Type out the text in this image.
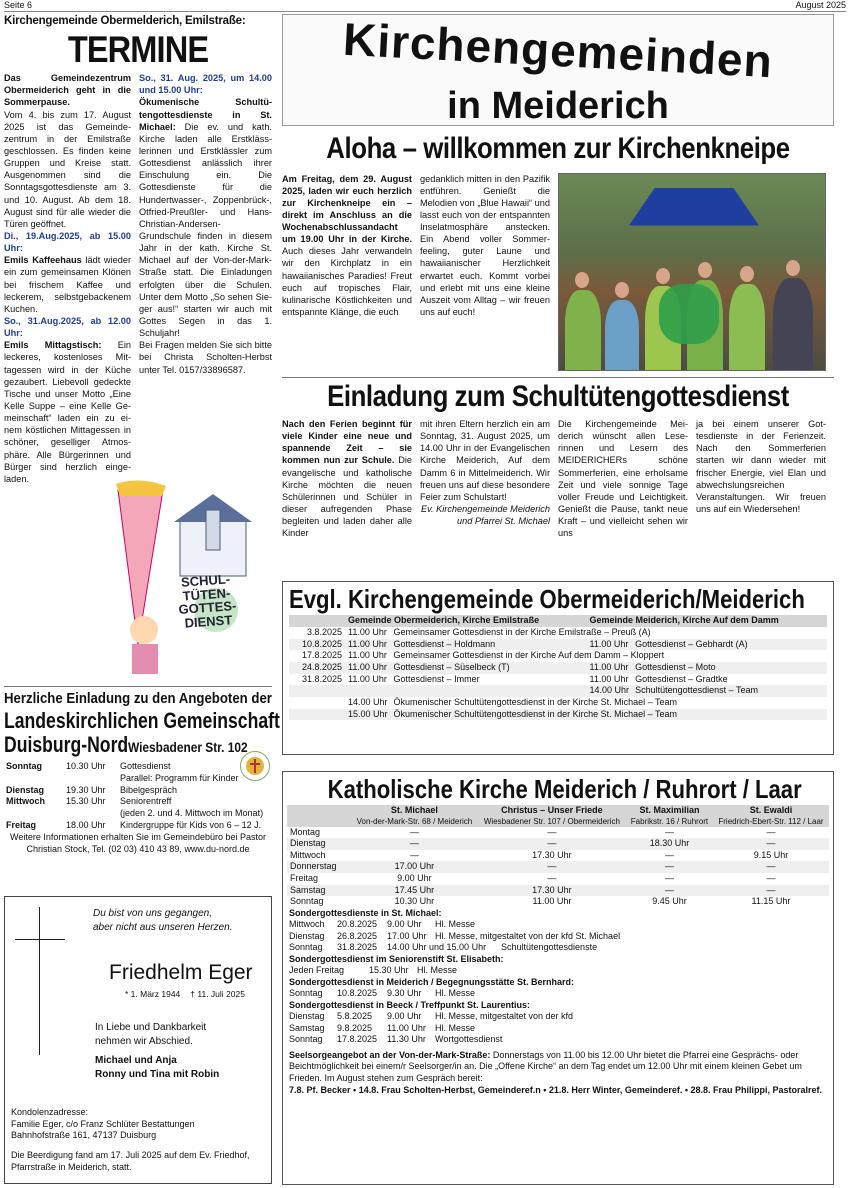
Seite 6	August 2025
Kirchengemeinde Obermelderich, Emilstraße:
TERMINE
Das Gemeindezentrum Obermeiderich geht in die Sommerpause.
Vom 4. bis zum 17. August 2025 ist das Gemeindezentrum in der Emilstraße geschlossen. Es finden keine Gruppen und Kreise statt. Ausgenommen sind die Sonntagsgottesdienste am 3. und 10. August. Ab dem 18. August sind für alle wieder die Türen geöffnet.
Di., 19.Aug.2025, ab 15.00 Uhr:
Emils Kaffeehaus lädt wieder ein zum gemeinsamen Klönen bei frischem Kaffee und leckerem, selbstgebackenem Kuchen.
So., 31.Aug.2025, ab 12.00 Uhr:
Emils Mittagstisch: Ein leckeres, kostenloses Mittagessen wird in der Küche gezaubert. Liebevoll gedeckte Tische und unser Motto „Eine Kelle Suppe – eine Kelle Gemeinschaft“ laden ein zu einem köstlichen Mittagessen in schöner, geselliger Atmosphäre. Alle Bürgerinnen und Bürger sind herzlich eingeladen.
So., 31. Aug. 2025, um 14.00 und 15.00 Uhr:
Ökumenische Schultütengottesdienste in St. Michael: Die ev. und kath. Kirche laden alle Erstklässlerinnen und Erstklässler zum Gottesdienst anlässlich ihrer Einschulung ein. Die Gottesdienste für die Hundertwasser-, Zoppenbrück-, Otfried-Preußler- und Hans-Christian-Andersen-Grundschule finden in diesem Jahr in der kath. Kirche St. Michael auf der Von-der-Mark-Straße statt. Die Einladungen erfolgten über die Schulen. Unter dem Motto „So sehen Sieger aus!“ starten wir auch mit Gottes Segen in das 1. Schuljahr!
Bei Fragen melden Sie sich bitte bei Christa Scholten-Herbst unter Tel. 0157/33896587.
SCHUL-TÜTEN-GOTTES-DIENST
Herzliche Einladung zu den Angeboten der
Landeskirchlichen Gemeinschaft
Duisburg-Nord Wiesbadener Str. 102
Sonntag	10.30 Uhr	Gottesdienst
		Parallel: Programm für Kinder
Dienstag	19.30 Uhr	Bibelgespräch
Mittwoch	15.30 Uhr	Seniorentreff
		(jeden 2. und 4. Mittwoch im Monat)
Freitag	18.00 Uhr	Kindergruppe für Kids von 6 – 12 J.
Weitere Informationen erhalten Sie im Gemeindebüro bei Pastor Christian Stock, Tel. (02 03) 410 43 89, www.du-nord.de
Du bist von uns gegangen,
aber nicht aus unseren Herzen.
Friedhelm Eger
* 1. März 1944 † 11. Juli 2025
In Liebe und Dankbarkeit
nehmen wir Abschied.
Michael und Anja
Ronny und Tina mit Robin
Kondolenzadresse:
Familie Eger, c/o Franz Schlüter Bestattungen
Bahnhofstraße 161, 47137 Duisburg
Die Beerdigung fand am 17. Juli 2025 auf dem Ev. Friedhof, Pfarrstraße in Meiderich, statt.
Kirchengemeinden
in Meiderich
Aloha – willkommen zur Kirchenkneipe
Am Freitag, dem 29. August 2025, laden wir euch herzlich zur Kirchenkneipe ein – direkt im Anschluss an die Wochenabschlussandacht um 19.00 Uhr in der Kirche. Auch dieses Jahr verwandeln wir den Kirchplatz in ein hawaiianisches Paradies! Freut euch auf tropisches Flair, kulinarische Köstlichkeiten und entspannte Klänge, die euch
gedanklich mitten in den Pazifik entführen. Genießt die Melodien von „Blue Hawaii“ und lasst euch von der entspannten Inselatmosphäre anstecken. Ein Abend voller Sommerfeeling, guter Laune und hawaiianischer Herzlichkeit erwartet euch. Kommt vorbei und erlebt mit uns eine kleine Auszeit vom Alltag – wir freuen uns auf euch!
Einladung zum Schultütengottesdienst
Nach den Ferien beginnt für viele Kinder eine neue und spannende Zeit – sie kommen nun zur Schule. Die evangelische und katholische Kirche möchten die neuen Schülerinnen und Schüler in dieser aufregenden Phase begleiten und laden daher alle Kinder
mit ihren Eltern herzlich ein am Sonntag, 31. August 2025, um 14.00 Uhr in der Evangelischen Kirche Meiderich, Auf dem Damm 6 in Mittelmeiderich. Wir freuen uns auf diese besondere Feier zum Schulstart!
Ev. Kirchengemeinde Meiderich und Pfarrei St. Michael
Die Kirchengemeinde Meiderich wünscht allen Leserinnen und Lesern des MEIDERICHERs schöne Sommerferien, eine erholsame Zeit und viele sonnige Tage voller Freude und Leichtigkeit. Genießt die Pause, tankt neue Kraft – und vielleicht sehen wir uns
ja bei einem unserer Gottesdienste in der Ferienzeit. Nach den Sommerferien starten wir dann wieder mit frischer Energie, viel Elan und abwechslungsreichen Veranstaltungen. Wir freuen uns auf ein Wiedersehen!
Evgl. Kirchengemeinde Obermeiderich/Meiderich
	Gemeinde Obermeiderich, Kirche Emilstraße		Gemeinde Meiderich, Kirche Auf dem Damm	
3.8.2025	11.00 Uhr	Gemeinsamer Gottesdienst in der Kirche Emilstraße – Preuß (A)		
10.8.2025	11.00 Uhr	Gottesdienst – Holdmann	11.00 Uhr	Gottesdienst – Gebhardt (A)
17.8.2025	11.00 Uhr	Gemeinsamer Gottesdienst in der Kirche Auf dem Damm – Kloppert		
24.8.2025	11.00 Uhr	Gottesdienst – Süselbeck (T)	11.00 Uhr	Gottesdienst – Moto
31.8.2025	11.00 Uhr	Gottesdienst – Immer	11.00 Uhr	Gottesdienst – Gradtke
			14.00 Uhr	Schultütengottesdienst – Team
	14.00 Uhr	Ökumenischer Schultütengottesdienst in der Kirche St. Michael – Team		
	15.00 Uhr	Ökumenischer Schultütengottesdienst in der Kirche St. Michael – Team		
Katholische Kirche Meiderich / Ruhrort / Laar
	St. Michael	Christus – Unser Friede	St. Maximilian	St. Ewaldi
	Von-der-Mark-Str. 68 / Meiderich	Wiesbadener Str. 107 / Obermeiderich	Fabrikstr. 16 / Ruhrort	Friedrich-Ebert-Str. 112 / Laar
Montag	—	—	—	—
Dienstag	—	—	18.30 Uhr	—
Mittwoch	—	17.30 Uhr	—	9.15 Uhr
Donnerstag	17.00 Uhr	—	—	—
Freitag	9.00 Uhr	—	—	—
Samstag	17.45 Uhr	17.30 Uhr	—	—
Sonntag	10.30 Uhr	11.00 Uhr	9.45 Uhr	11.15 Uhr
Sondergottesdienste in St. Michael:
Mittwoch	20.8.2025	9.00 Uhr	Hl. Messe
Dienstag	26.8.2025	17.00 Uhr Hl. Messe, mitgestaltet von der kfd St. Michael
Sonntag	31.8.2025	14.00 Uhr und 15.00 Uhr	Schultütengottesdienste
Sondergottesdienst im Seniorenstift St. Elisabeth:
Jeden Freitag	15.30 Uhr Hl. Messe
Sondergottesdienst in Meiderich / Begegnungsstätte St. Bernhard:
Sonntag	10.8.2025	9.30 Uhr	Hl. Messe
Sondergottesdienst in Beeck / Treffpunkt St. Laurentius:
Dienstag	5.8.2025	9.00 Uhr	Hl. Messe, mitgestaltet von der kfd
Samstag	9.8.2025	11.00 Uhr	Hl. Messe
Sonntag	17.8.2025	11.30 Uhr	Wortgottesdienst
Seelsorgeangebot an der Von-der-Mark-Straße: Donnerstags von 11.00 bis 12.00 Uhr bietet die Pfarrei eine Gesprächs- oder Beichtmöglichkeit bei einem/r Seelsorger/in an. Die „Offene Kirche“ an dem Tag endet um 12.00 Uhr mit einem kleinen Gebet um Frieden. Im August stehen zum Gespräch bereit:
7.8. Pf. Becker • 14.8. Frau Scholten-Herbst, Gemeinderef.n • 21.8. Herr Winter, Gemeinderef. • 28.8. Frau Philippi, Pastoralref.
